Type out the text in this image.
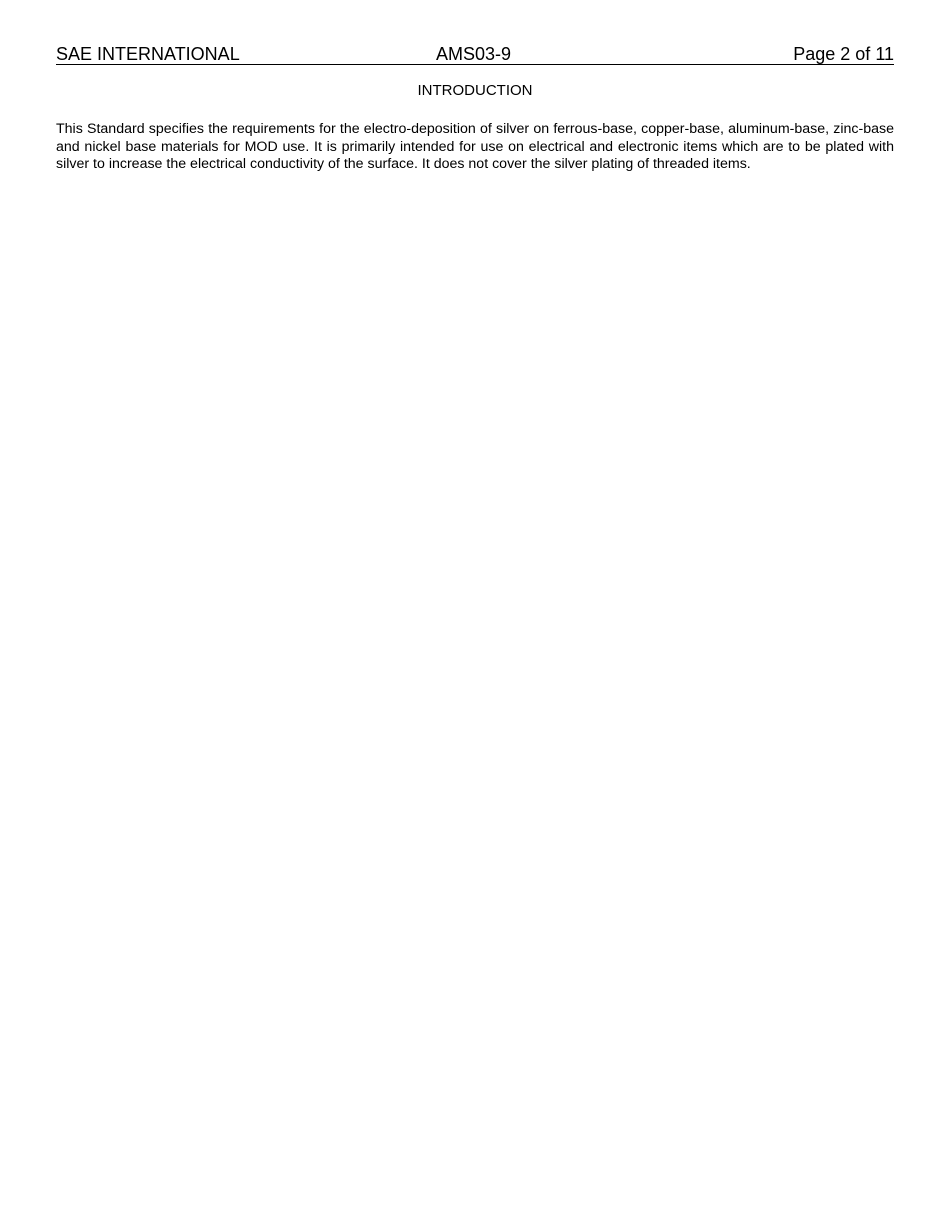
SAE INTERNATIONAL	AMS03-9	Page 2 of 11
INTRODUCTION

This Standard specifies the requirements for the electro-deposition of silver on ferrous-base, copper-base, aluminum-base, zinc-base and nickel base materials for MOD use. It is primarily intended for use on electrical and electronic items which are to be plated with silver to increase the electrical conductivity of the surface. It does not cover the silver plating of threaded items.
